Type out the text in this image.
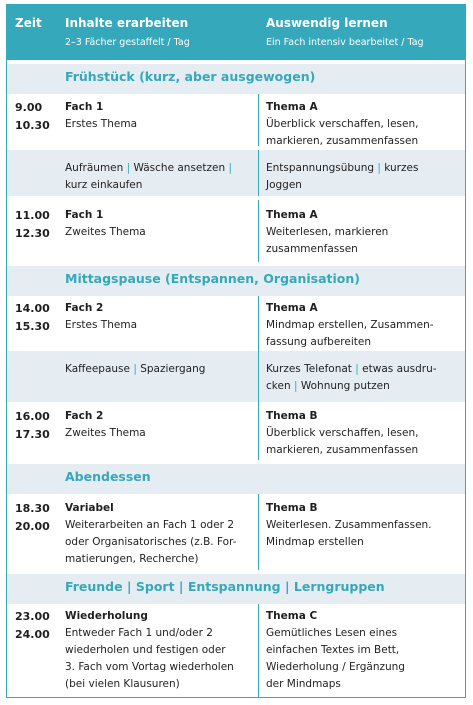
Zeit Inhalte erarbeiten
2–3 Fächer gestaffelt / Tag
Auswendig lernen
Ein Fach intensiv bearbeitet / Tag
Frühstück (kurz, aber ausgewogen)
9.00
10.30
Fach 1
Erstes Thema
Thema A
Überblick verschaffen, lesen,
markieren, zusammenfassen
Aufräumen | Wäsche ansetzen |
kurz einkaufen
Entspannungsübung | kurzes
Joggen
11.00
12.30
Fach 1
Zweites Thema
Thema A
Weiterlesen, markieren
zusammenfassen
Mittagspause (Entspannen, Organisation)
14.00
15.30
Fach 2
Erstes Thema
Thema A
Mindmap erstellen, Zusammen-
fassung aufbereiten
Kaffeepause | Spaziergang	Kurzes Telefonat | etwas ausdru-
cken | Wohnung putzen
16.00
17.30
Fach 2
Zweites Thema
Thema B
Überblick verschaffen, lesen,
markieren, zusammenfassen
Abendessen
18.30
20.00
Variabel
Weiterarbeiten an Fach 1 oder 2
oder Organisatorisches (z.B. For-
matierungen, Recherche)
Thema B
Weiterlesen. Zusammenfassen.
Mindmap erstellen
Freunde | Sport | Entspannung | Lerngruppen
23.00
24.00
Wiederholung
Entweder Fach 1 und/oder 2
wiederholen und festigen oder
3. Fach vom Vortag wiederholen
(bei vielen Klausuren)
Thema C
Gemütliches Lesen eines
einfachen Textes im Bett,
Wiederholung / Ergänzung
der Mindmaps
